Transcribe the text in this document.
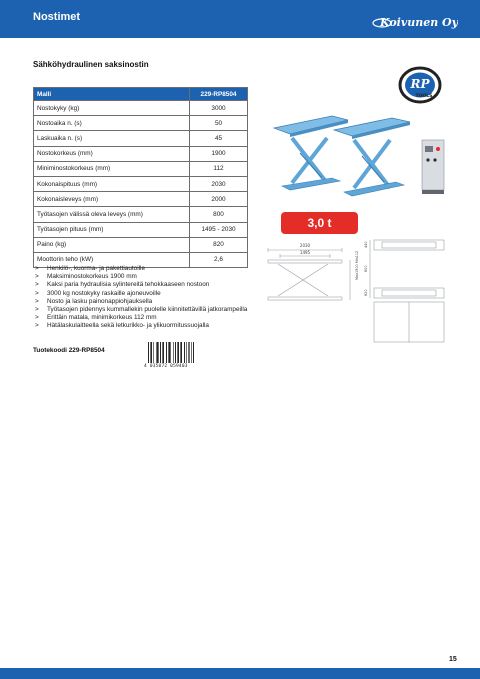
Nostimet	Koivunen Oy
Sähköhydraulinen saksinostin
RP
TOOLS
Malli	229-RP8504
Nostokyky (kg)	3000
Nostoaika n. (s)	50
Laskuaika n. (s)	45
Nostokorkeus (mm)	1900
Miniminostokorkeus (mm)	112
Kokonaispituus (mm)	2030
Kokonaisleveys (mm)	2000
Työtasojen välissä oleva leveys (mm)	800
Työtasojen pituus (mm)	1495 - 2030
Paino (kg)	820
Moottorin teho (kW)	2,6
> Henkilö-, kuorma- ja pakettiautoille
> Maksiminostokorkeus 1900 mm
> Kaksi paria hydraulisia sylintereitä tehokkaaseen nostoon
> 3000 kg nostokyky raskaille ajoneuvoille
> Nosto ja lasku painonappiohjauksella
> Työtasojen pidennys kummallekin puolelle kiinnitettävillä jatkorampeilla
> Erittäin matala, minimikorkeus 112 mm
> Hätälaskulaitteella sekä letkurikko- ja ylikuormitussuojalla
Tuotekoodi 229-RP8504
4 035072 059403
3,0 t
2030
1495	Max1900 Min112
440
800
620
15
